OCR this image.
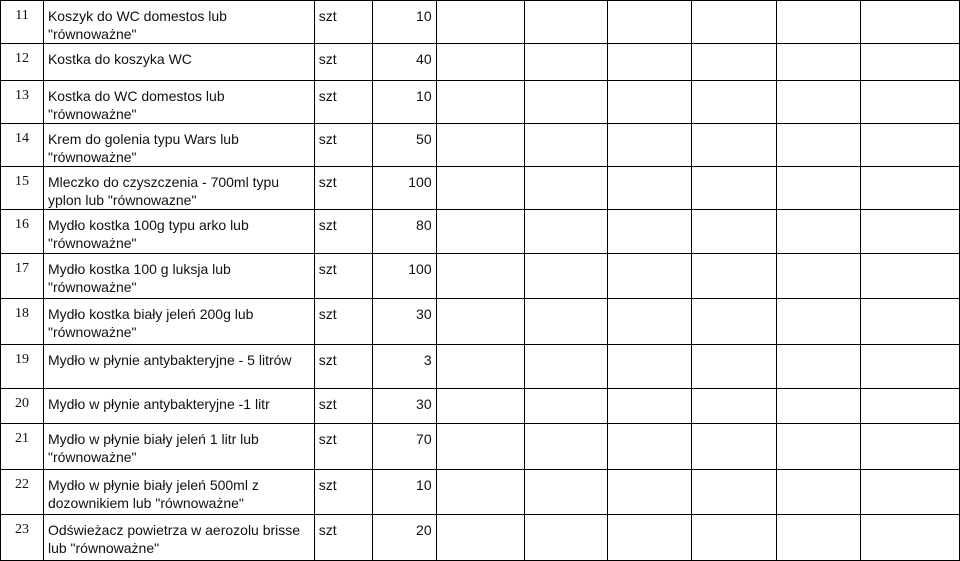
11	Koszyk do WC domestos lub "równoważne"	szt	10						
12	Kostka do koszyka WC	szt	40						
13	Kostka do WC domestos lub "równoważne"	szt	10						
14	Krem do golenia typu Wars lub "równoważne"	szt	50						
15	Mleczko do czyszczenia - 700ml typu yplon lub "równowazne"	szt	100						
16	Mydło kostka 100g typu arko lub "równoważne"	szt	80						
17	Mydło kostka 100 g luksja lub "równoważne"	szt	100						
18	Mydło kostka biały jeleń 200g lub "równoważne"	szt	30						
19	Mydło w płynie antybakteryjne - 5 litrów	szt	3						
20	Mydło w płynie antybakteryjne -1 litr	szt	30						
21	Mydło w płynie biały jeleń 1 litr lub "równoważne"	szt	70						
22	Mydło w płynie biały jeleń 500ml z dozownikiem lub "równoważne"	szt	10						
23	Odświeżacz powietrza w aerozolu brisse lub "równoważne"	szt	20						
